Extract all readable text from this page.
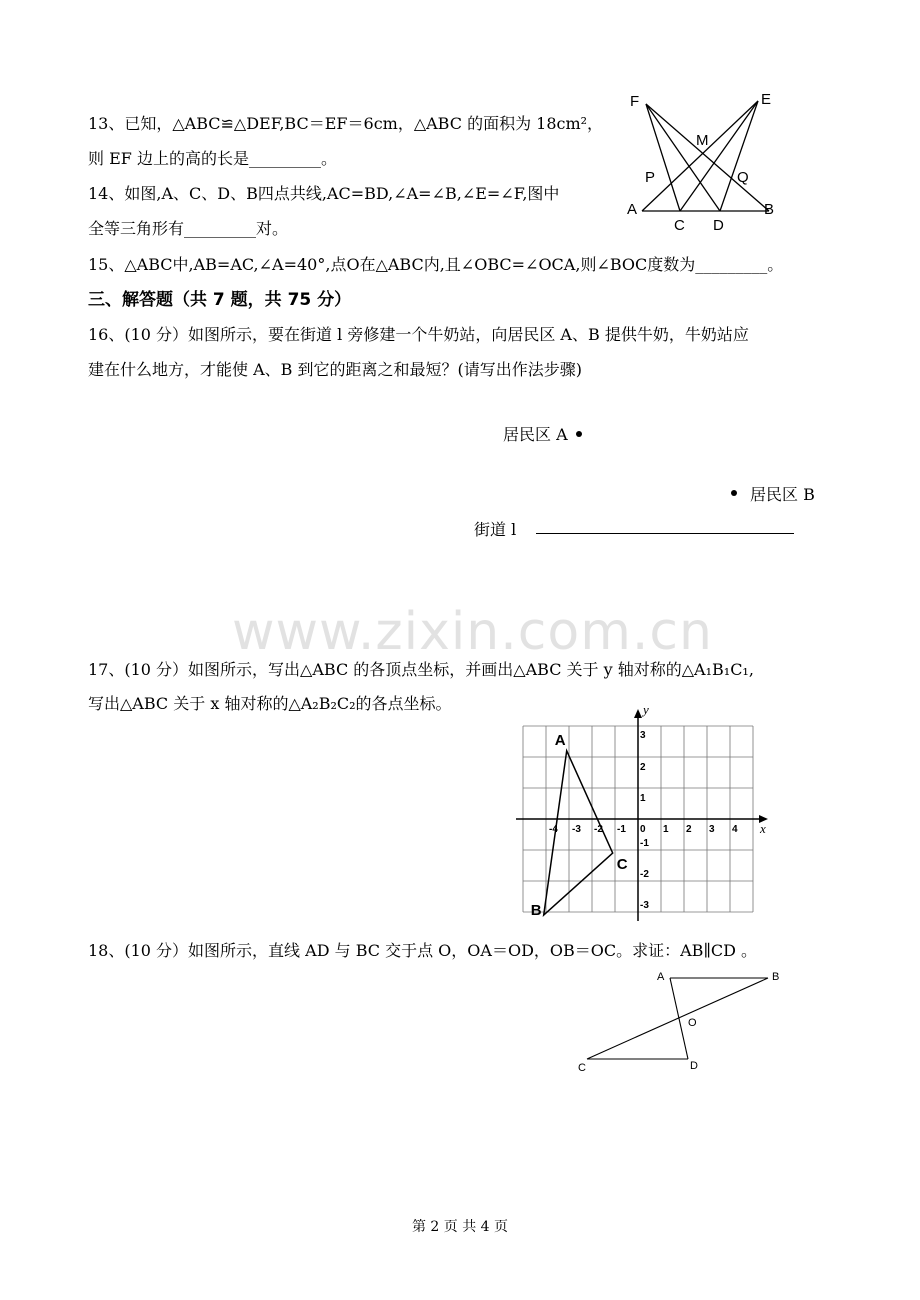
13、已知，△ABC≌△DEF,BC＝EF＝6cm，△ABC 的面积为 18cm²，
则 EF 边上的高的长是_________。
14、如图,A、C、D、B四点共线,AC=BD,∠A=∠B,∠E=∠F,图中
全等三角形有_________对。
F	E
M
P	Q
A
C D
B
15、△ABC中,AB=AC,∠A=40°,点O在△ABC内,且∠OBC=∠OCA,则∠BOC度数为_________。
三、解答题（共 7 题，共 75 分）
16、(10 分）如图所示，要在街道 l 旁修建一个牛奶站，向居民区 A、B 提供牛奶，牛奶站应
建在什么地方，才能使 A、B 到它的距离之和最短？(请写出作法步骤)
居民区 A
居民区 B
街道 l
www.zixin.com.cn
17、(10 分）如图所示，写出△ABC 的各顶点坐标，并画出△ABC 关于 y 轴对称的△A₁B₁C₁,
写出△ABC 关于 x 轴对称的△A₂B₂C₂的各点坐标。
x
y
-4 -3 -2 -1 0 1 2 3 4
3
2
1
-1
-2
-3
A
B
C
18、(10 分）如图所示，直线 AD 与 BC 交于点 O，OA＝OD，OB＝OC。求证：AB∥CD 。
A	B
O
C	D
第 2 页 共 4 页
